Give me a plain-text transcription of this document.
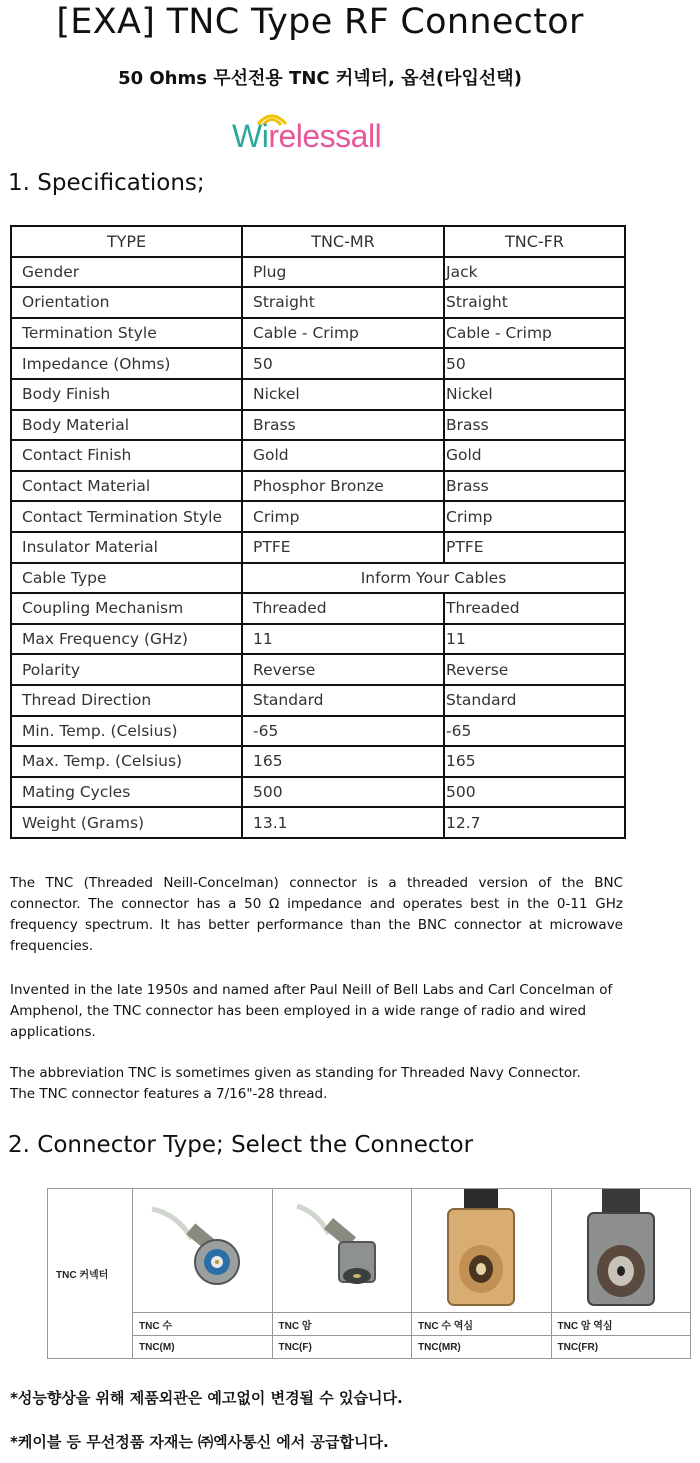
[EXA] TNC Type RF Connector
50 Ohms 무선전용 TNC 커넥터, 옵션(타입선택)
Wirelessall
1. Specifications;
TYPE	TNC-MR	TNC-FR
Gender	Plug	Jack
Orientation	Straight	Straight
Termination Style	Cable - Crimp	Cable - Crimp
Impedance (Ohms)	50	50
Body Finish	Nickel	Nickel
Body Material	Brass	Brass
Contact Finish	Gold	Gold
Contact Material	Phosphor Bronze	Brass
Contact Termination Style	Crimp	Crimp
Insulator Material	PTFE	PTFE
Cable Type	Inform Your Cables	
Coupling Mechanism	Threaded	Threaded
Max Frequency (GHz)	11	11
Polarity	Reverse	Reverse
Thread Direction	Standard	Standard
Min. Temp. (Celsius)	-65	-65
Max. Temp. (Celsius)	165	165
Mating Cycles	500	500
Weight (Grams)	13.1	12.7
The TNC (Threaded Neill-Concelman) connector is a threaded version of the BNC connector. The connector has a 50 Ω impedance and operates best in the 0-11 GHz frequency spectrum. It has better performance than the BNC connector at microwave frequencies.
Invented in the late 1950s and named after Paul Neill of Bell Labs and Carl Concelman of Amphenol, the TNC connector has been employed in a wide range of radio and wired applications.
The abbreviation TNC is sometimes given as standing for Threaded Navy Connector.
The TNC connector features a 7/16"-28 thread.
2. Connector Type; Select the Connector
TNC 커넥터				
	TNC 수	TNC 암	TNC 수 역심	TNC 암 역심
	TNC(M)	TNC(F)	TNC(MR)	TNC(FR)
*성능향상을 위해 제품외관은 예고없이 변경될 수 있습니다.
*케이블 등 무선정품 자재는 ㈜엑사통신 에서 공급합니다.
